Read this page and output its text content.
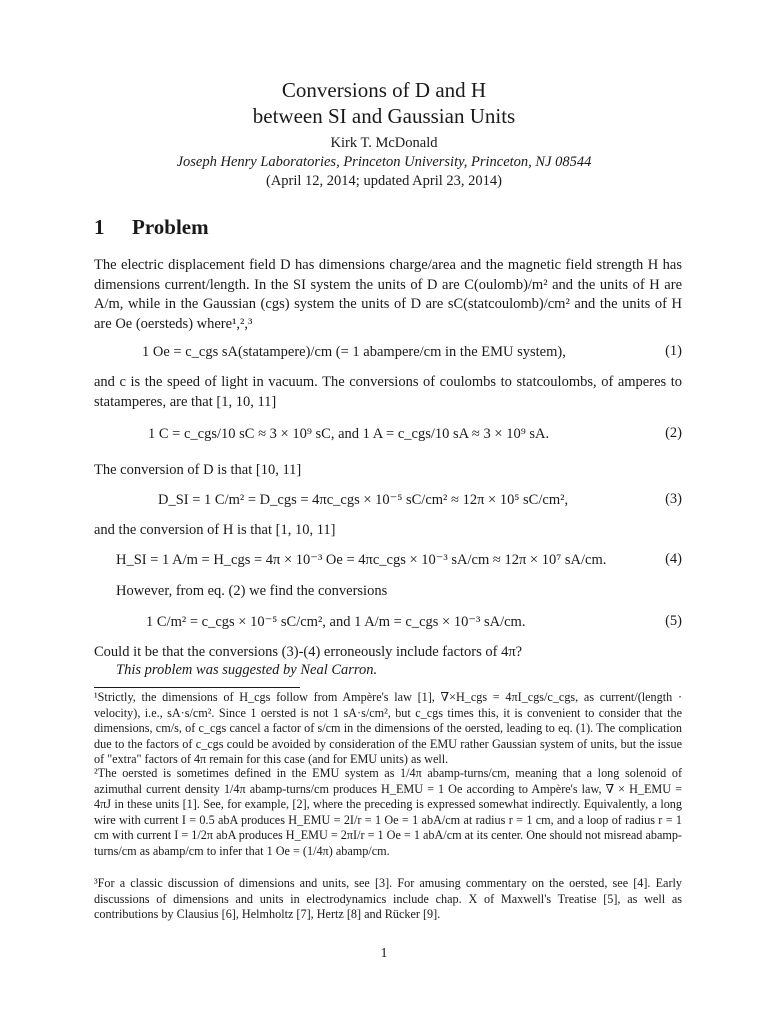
Conversions of D and H
between SI and Gaussian Units
Kirk T. McDonald
Joseph Henry Laboratories, Princeton University, Princeton, NJ 08544
(April 12, 2014; updated April 23, 2014)
1 Problem
The electric displacement field D has dimensions charge/area and the magnetic field strength H has dimensions current/length. In the SI system the units of D are C(oulomb)/m² and the units of H are A/m, while in the Gaussian (cgs) system the units of D are sC(statcoulomb)/cm² and the units of H are Oe (oersteds) where¹,²,³
1 Oe = c_cgs sA(statampere)/cm (= 1 abampere/cm in the EMU system),	(1)
and c is the speed of light in vacuum. The conversions of coulombs to statcoulombs, of amperes to statamperes, are that [1, 10, 11]
1 C = c_cgs/10 sC ≈ 3 × 10⁹ sC, and 1 A = c_cgs/10 sA ≈ 3 × 10⁹ sA.	(2)
The conversion of D is that [10, 11]
D_SI = 1 C/m² = D_cgs = 4πc_cgs × 10⁻⁵ sC/cm² ≈ 12π × 10⁵ sC/cm²,	(3)
and the conversion of H is that [1, 10, 11]
H_SI = 1 A/m = H_cgs = 4π × 10⁻³ Oe = 4πc_cgs × 10⁻³ sA/cm ≈ 12π × 10⁷ sA/cm.	(4)
However, from eq. (2) we find the conversions
1 C/m² = c_cgs × 10⁻⁵ sC/cm², and 1 A/m = c_cgs × 10⁻³ sA/cm.	(5)
Could it be that the conversions (3)-(4) erroneously include factors of 4π?
This problem was suggested by Neal Carron.
¹Strictly, the dimensions of H_cgs follow from Ampère's law [1], ∇×H_cgs = 4πI_cgs/c_cgs, as current/(length · velocity), i.e., sA·s/cm². Since 1 oersted is not 1 sA·s/cm², but c_cgs times this, it is convenient to consider that the dimensions, cm/s, of c_cgs cancel a factor of s/cm in the dimensions of the oersted, leading to eq. (1). The complication due to the factors of c_cgs could be avoided by consideration of the EMU rather Gaussian system of units, but the issue of "extra" factors of 4π remain for this case (and for EMU units) as well.
²The oersted is sometimes defined in the EMU system as 1/4π abamp-turns/cm, meaning that a long solenoid of azimuthal current density 1/4π abamp-turns/cm produces H_EMU = 1 Oe according to Ampère's law, ∇ × H_EMU = 4πJ in these units [1]. See, for example, [2], where the preceding is expressed somewhat indirectly. Equivalently, a long wire with current I = 0.5 abA produces H_EMU = 2I/r = 1 Oe = 1 abA/cm at radius r = 1 cm, and a loop of radius r = 1 cm with current I = 1/2π abA produces H_EMU = 2πI/r = 1 Oe = 1 abA/cm at its center. One should not misread abamp-turns/cm as abamp/cm to infer that 1 Oe = (1/4π) abamp/cm.
³For a classic discussion of dimensions and units, see [3]. For amusing commentary on the oersted, see [4]. Early discussions of dimensions and units in electrodynamics include chap. X of Maxwell's Treatise [5], as well as contributions by Clausius [6], Helmholtz [7], Hertz [8] and Rücker [9].
1
